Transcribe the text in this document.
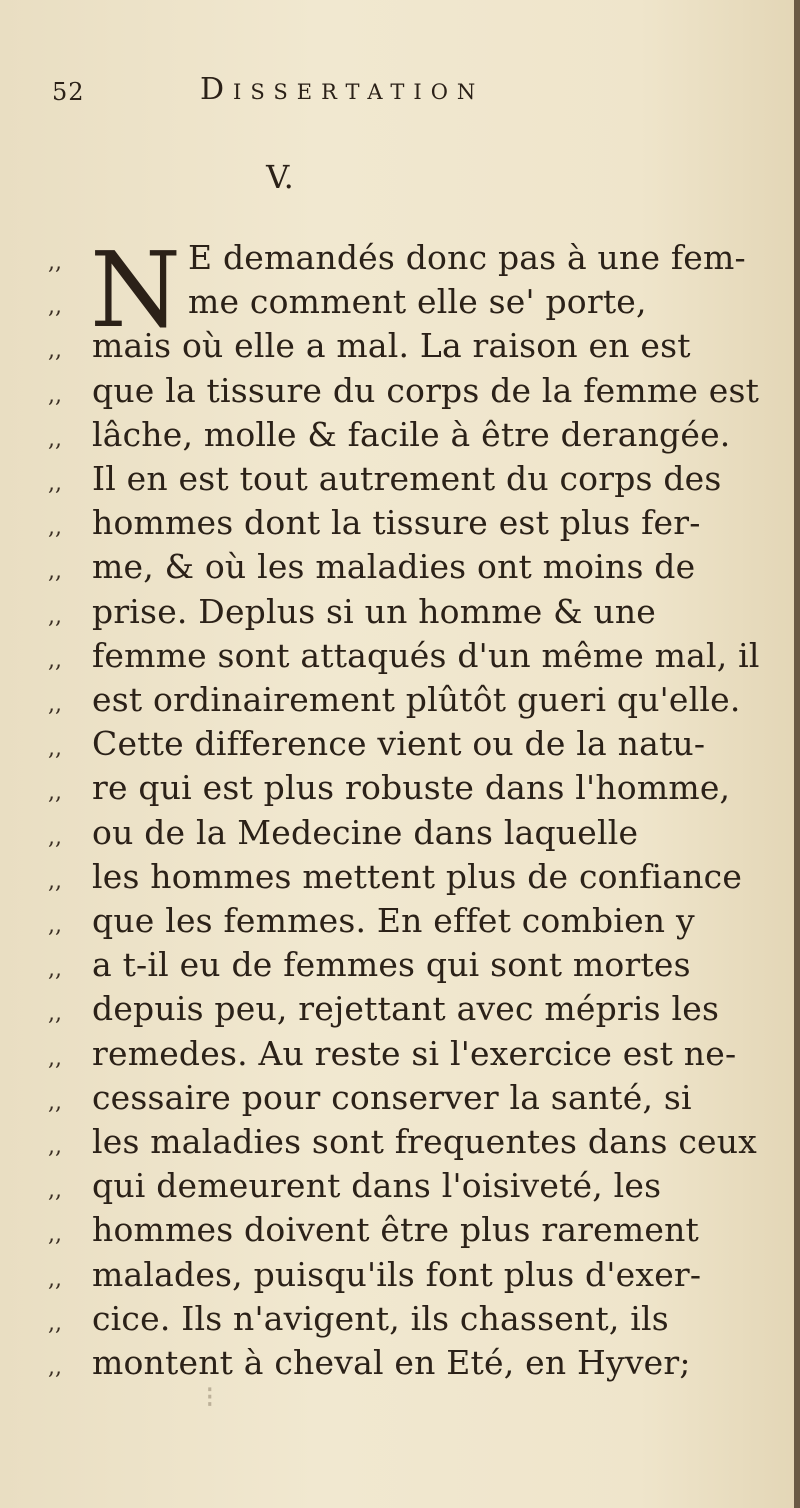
52	Dissertation
V.
N
,,	E demandés donc pas à une fem-
,,	me comment elle se' porte,
,, mais où elle a mal. La raison en est
,, que la tissure du corps de la femme est
,, lâche, molle & facile à être derangée.
,, Il en est tout autrement du corps des
,, hommes dont la tissure est plus fer-
,, me, & où les maladies ont moins de
,, prise. Deplus si un homme & une
,, femme sont attaqués d'un même mal, il
,, est ordinairement plûtôt gueri qu'elle.
,, Cette difference vient ou de la natu-
,, re qui est plus robuste dans l'homme,
,, ou de la Medecine dans laquelle
,, les hommes mettent plus de confiance
,, que les femmes. En effet combien y
,, a t-il eu de femmes qui sont mortes
,, depuis peu, rejettant avec mépris les
,, remedes. Au reste si l'exercice est ne-
,, cessaire pour conserver la santé, si
,, les maladies sont frequentes dans ceux
,, qui demeurent dans l'oisiveté, les
,, hommes doivent être plus rarement
,, malades, puisqu'ils font plus d'exer-
,, cice. Ils n'avigent, ils chassent, ils
,, montent à cheval en Eté, en Hyver;
⁝
